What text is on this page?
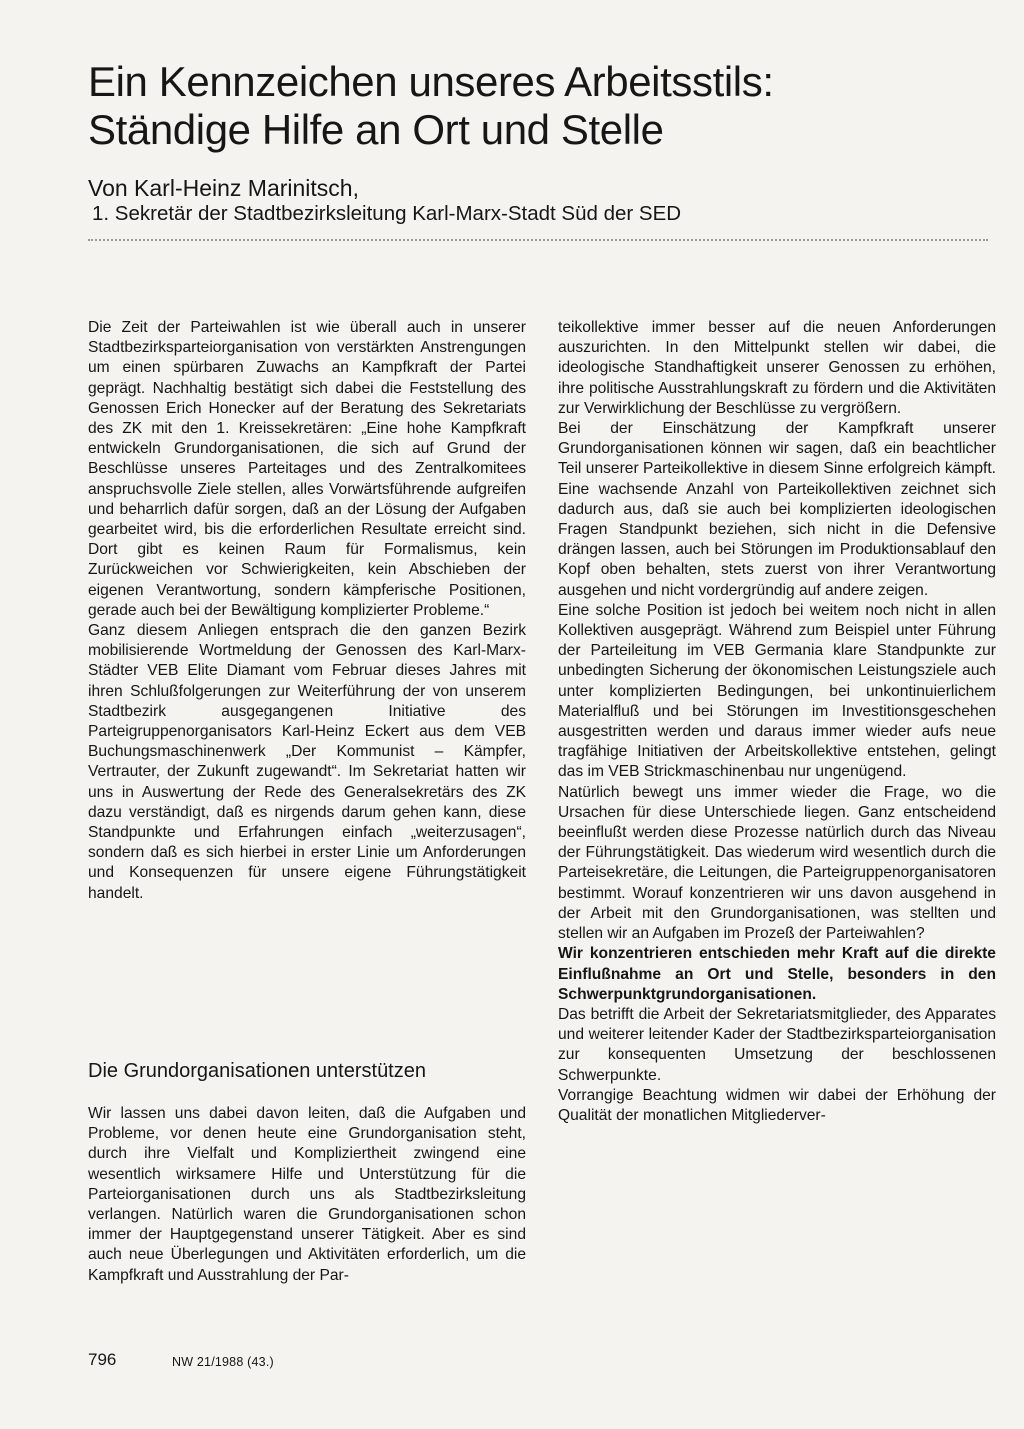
Ein Kennzeichen unseres Arbeitsstils:
Ständige Hilfe an Ort und Stelle
Von Karl-Heinz Marinitsch,
1. Sekretär der Stadtbezirksleitung Karl-Marx-Stadt Süd der SED

Die Zeit der Parteiwahlen ist wie überall auch in unserer Stadtbezirksparteiorganisation von verstärkten Anstrengungen um einen spürbaren Zuwachs an Kampfkraft der Partei geprägt. Nachhaltig bestätigt sich dabei die Feststellung des Genossen Erich Honecker auf der Beratung des Sekretariats des ZK mit den 1. Kreissekretären: „Eine hohe Kampfkraft entwickeln Grundorganisationen, die sich auf Grund der Beschlüsse unseres Parteitages und des Zentralkomitees anspruchsvolle Ziele stellen, alles Vorwärtsführende aufgreifen und beharrlich dafür sorgen, daß an der Lösung der Aufgaben gearbeitet wird, bis die erforderlichen Resultate erreicht sind. Dort gibt es keinen Raum für Formalismus, kein Zurückweichen vor Schwierigkeiten, kein Abschieben der eigenen Verantwortung, sondern kämpferische Positionen, gerade auch bei der Bewältigung komplizierter Probleme.“

Ganz diesem Anliegen entsprach die den ganzen Bezirk mobilisierende Wortmeldung der Genossen des Karl-Marx-Städter VEB Elite Diamant vom Februar dieses Jahres mit ihren Schlußfolgerungen zur Weiterführung der von unserem Stadtbezirk ausgegangenen Initiative des Parteigruppenorganisators Karl-Heinz Eckert aus dem VEB Buchungsmaschinenwerk „Der Kommunist – Kämpfer, Vertrauter, der Zukunft zugewandt“. Im Sekretariat hatten wir uns in Auswertung der Rede des Generalsekretärs des ZK dazu verständigt, daß es nirgends darum gehen kann, diese Standpunkte und Erfahrungen einfach „weiterzusagen“, sondern daß es sich hierbei in erster Linie um Anforderungen und Konsequenzen für unsere eigene Führungstätigkeit handelt.

Die Grundorganisationen unterstützen

Wir lassen uns dabei davon leiten, daß die Aufgaben und Probleme, vor denen heute eine Grundorganisation steht, durch ihre Vielfalt und Kompliziertheit zwingend eine wesentlich wirksamere Hilfe und Unterstützung für die Parteiorganisationen durch uns als Stadtbezirksleitung verlangen. Natürlich waren die Grundorganisationen schon immer der Hauptgegenstand unserer Tätigkeit. Aber es sind auch neue Überlegungen und Aktivitäten erforderlich, um die Kampfkraft und Ausstrahlung der Par-

teikollektive immer besser auf die neuen Anforderungen auszurichten. In den Mittelpunkt stellen wir dabei, die ideologische Standhaftigkeit unserer Genossen zu erhöhen, ihre politische Ausstrahlungskraft zu fördern und die Aktivitäten zur Verwirklichung der Beschlüsse zu vergrößern.

Bei der Einschätzung der Kampfkraft unserer Grundorganisationen können wir sagen, daß ein beachtlicher Teil unserer Parteikollektive in diesem Sinne erfolgreich kämpft. Eine wachsende Anzahl von Parteikollektiven zeichnet sich dadurch aus, daß sie auch bei komplizierten ideologischen Fragen Standpunkt beziehen, sich nicht in die Defensive drängen lassen, auch bei Störungen im Produktionsablauf den Kopf oben behalten, stets zuerst von ihrer Verantwortung ausgehen und nicht vordergründig auf andere zeigen.

Eine solche Position ist jedoch bei weitem noch nicht in allen Kollektiven ausgeprägt. Während zum Beispiel unter Führung der Parteileitung im VEB Germania klare Standpunkte zur unbedingten Sicherung der ökonomischen Leistungsziele auch unter komplizierten Bedingungen, bei unkontinuierlichem Materialfluß und bei Störungen im Investitionsgeschehen ausgestritten werden und daraus immer wieder aufs neue tragfähige Initiativen der Arbeitskollektive entstehen, gelingt das im VEB Strickmaschinenbau nur ungenügend.

Natürlich bewegt uns immer wieder die Frage, wo die Ursachen für diese Unterschiede liegen. Ganz entscheidend beeinflußt werden diese Prozesse natürlich durch das Niveau der Führungstätigkeit. Das wiederum wird wesentlich durch die Parteisekretäre, die Leitungen, die Parteigruppenorganisatoren bestimmt. Worauf konzentrieren wir uns davon ausgehend in der Arbeit mit den Grundorganisationen, was stellten und stellen wir an Aufgaben im Prozeß der Parteiwahlen?

Wir konzentrieren entschieden mehr Kraft auf die direkte Einflußnahme an Ort und Stelle, besonders in den Schwerpunktgrundorganisationen.

Das betrifft die Arbeit der Sekretariatsmitglieder, des Apparates und weiterer leitender Kader der Stadtbezirksparteiorganisation zur konsequenten Umsetzung der beschlossenen Schwerpunkte.

Vorrangige Beachtung widmen wir dabei der Erhöhung der Qualität der monatlichen Mitgliederver-

796	NW 21/1988 (43.)
